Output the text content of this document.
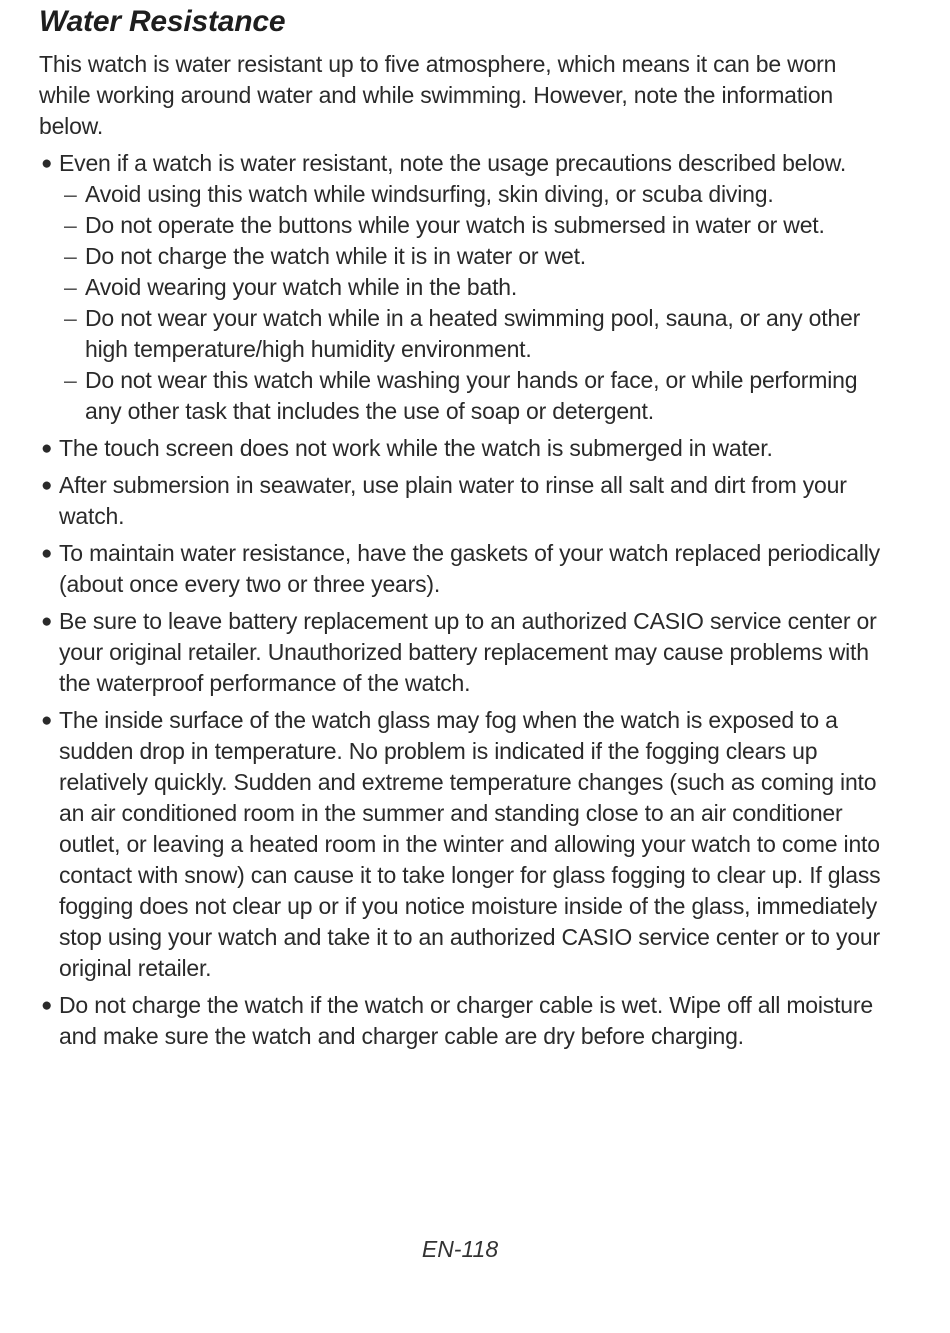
Water Resistance

This watch is water resistant up to five atmosphere, which means it can be worn while working around water and while swimming. However, note the information below.

● Even if a watch is water resistant, note the usage precautions described below.
– Avoid using this watch while windsurfing, skin diving, or scuba diving.
– Do not operate the buttons while your watch is submersed in water or wet.
– Do not charge the watch while it is in water or wet.
– Avoid wearing your watch while in the bath.
– Do not wear your watch while in a heated swimming pool, sauna, or any other high temperature/high humidity environment.
– Do not wear this watch while washing your hands or face, or while performing any other task that includes the use of soap or detergent.
● The touch screen does not work while the watch is submerged in water.
● After submersion in seawater, use plain water to rinse all salt and dirt from your watch.
● To maintain water resistance, have the gaskets of your watch replaced periodically (about once every two or three years).
● Be sure to leave battery replacement up to an authorized CASIO service center or your original retailer. Unauthorized battery replacement may cause problems with the waterproof performance of the watch.
● The inside surface of the watch glass may fog when the watch is exposed to a sudden drop in temperature. No problem is indicated if the fogging clears up relatively quickly. Sudden and extreme temperature changes (such as coming into an air conditioned room in the summer and standing close to an air conditioner outlet, or leaving a heated room in the winter and allowing your watch to come into contact with snow) can cause it to take longer for glass fogging to clear up. If glass fogging does not clear up or if you notice moisture inside of the glass, immediately stop using your watch and take it to an authorized CASIO service center or to your original retailer.
● Do not charge the watch if the watch or charger cable is wet. Wipe off all moisture and make sure the watch and charger cable are dry before charging.
EN-118
